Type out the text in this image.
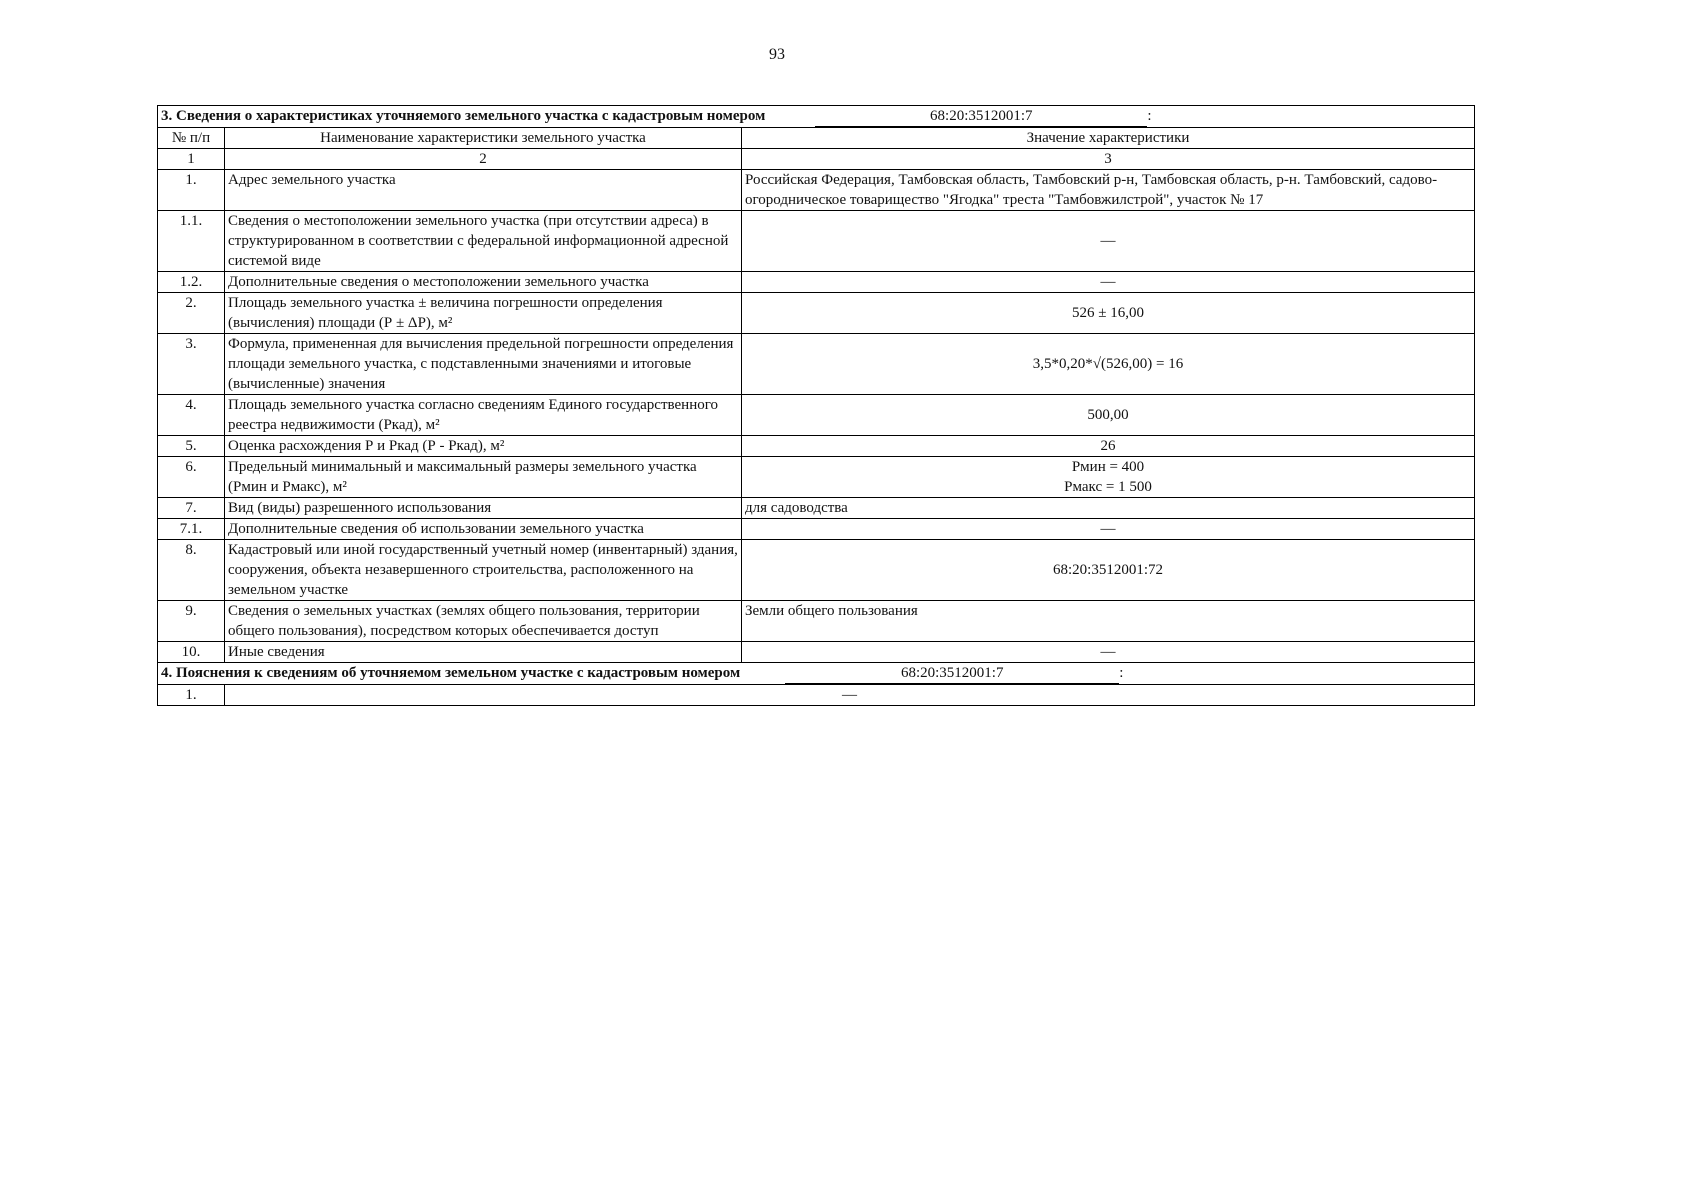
93
3. Сведения о характеристиках уточняемого земельного участка с кадастровым номером 68:20:3512001:7 :		
№ п/п	Наименование характеристики земельного участка	Значение характеристики
1	2	3
1.	Адрес земельного участка	Российская Федерация, Тамбовская область, Тамбовский р-н, Тамбовская область, р-н. Тамбовский, садово-огородническое товарищество "Ягодка" треста "Тамбовжилстрой", участок № 17
1.1.	Сведения о местоположении земельного участка (при отсутствии адреса) в структурированном в соответствии с федеральной информационной адресной системой виде	—
1.2.	Дополнительные сведения о местоположении земельного участка	—
2.	Площадь земельного участка ± величина погрешности определения (вычисления) площади (Р ± ΔР), м²	526 ± 16,00
3.	Формула, примененная для вычисления предельной погрешности определения площади земельного участка, с подставленными значениями и итоговые (вычисленные) значения	3,5*0,20*√(526,00) = 16
4.	Площадь земельного участка согласно сведениям Единого государственного реестра недвижимости (Ркад), м²	500,00
5.	Оценка расхождения Р и Ркад (Р - Ркад), м²	26
6.	Предельный минимальный и максимальный размеры земельного участка (Рмин и Рмакс), м²	Рмин = 400
Рмакс = 1 500

7.	Вид (виды) разрешенного использования	для садоводства
7.1.	Дополнительные сведения об использовании земельного участка	—
8.	Кадастровый или иной государственный учетный номер (инвентарный) здания, сооружения, объекта незавершенного строительства, расположенного на земельном участке	68:20:3512001:72
9.	Сведения о земельных участках (землях общего пользования, территории общего пользования), посредством которых обеспечивается доступ	Земли общего пользования
10.	Иные сведения	—
4. Пояснения к сведениям об уточняемом земельном участке с кадастровым номером 68:20:3512001:7 :		
1.	—	
